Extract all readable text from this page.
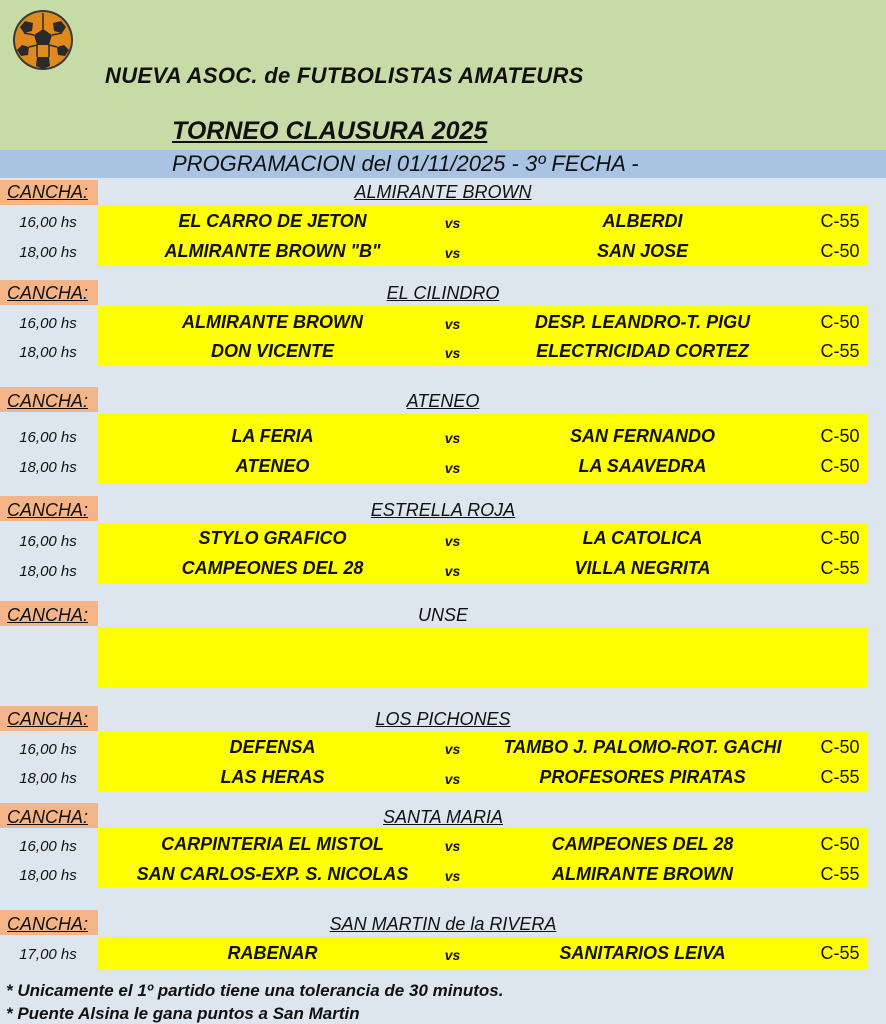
NUEVA ASOC. de FUTBOLISTAS AMATEURS
TORNEO CLAUSURA 2025
PROGRAMACION del 01/11/2025 - 3º FECHA -
CANCHA:	ALMIRANTE BROWN
16,00 hs	EL CARRO DE JETON	vs	ALBERDI	C-55
18,00 hs	ALMIRANTE BROWN "B"	vs	SAN JOSE	C-50
CANCHA:	EL CILINDRO
16,00 hs	ALMIRANTE BROWN	vs	DESP. LEANDRO-T. PIGU	C-50
18,00 hs	DON VICENTE	vs	ELECTRICIDAD CORTEZ	C-55
CANCHA:	ATENEO
16,00 hs	LA FERIA	vs	SAN FERNANDO	C-50
18,00 hs	ATENEO	vs	LA SAAVEDRA	C-50
CANCHA:	ESTRELLA ROJA
16,00 hs	STYLO GRAFICO	vs	LA CATOLICA	C-50
18,00 hs	CAMPEONES DEL 28	vs	VILLA NEGRITA	C-55
CANCHA:	UNSE
CANCHA:	LOS PICHONES
16,00 hs	DEFENSA	vs	TAMBO J. PALOMO-ROT. GACHI	C-50
18,00 hs	LAS HERAS	vs	PROFESORES PIRATAS	C-55
CANCHA:	SANTA MARIA
16,00 hs	CARPINTERIA EL MISTOL	vs	CAMPEONES DEL 28	C-50
18,00 hs	SAN CARLOS-EXP. S. NICOLAS	vs	ALMIRANTE BROWN	C-55
CANCHA:	SAN MARTIN de la RIVERA
17,00 hs	RABENAR	vs	SANITARIOS LEIVA	C-55
* Unicamente el 1º partido tiene una tolerancia de 30 minutos.
* Puente Alsina le gana puntos a San Martin
